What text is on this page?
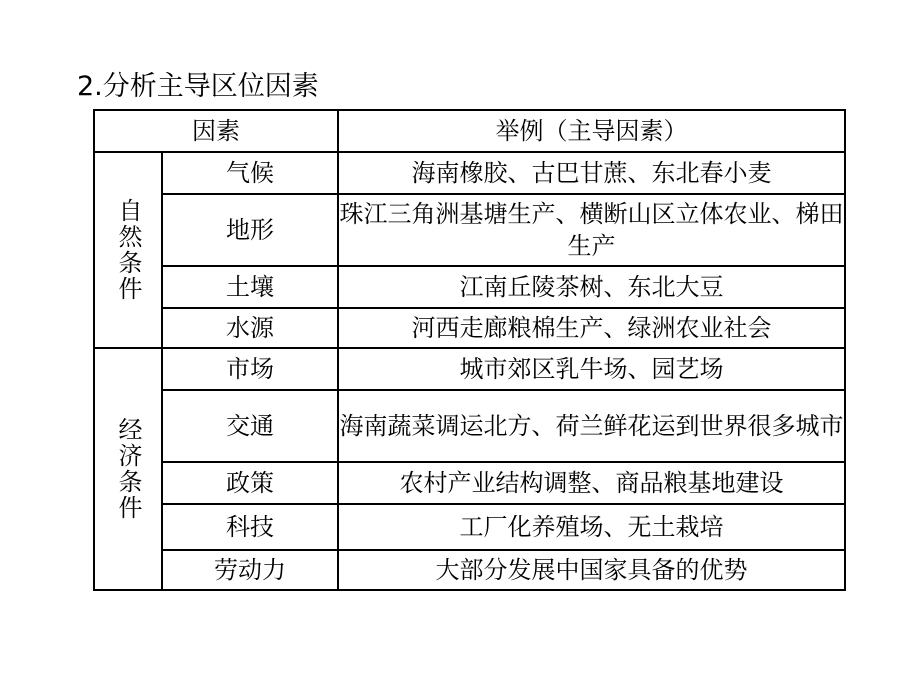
2.分析主导区位因素
因素		举例（主导因素）
自然条件	气候	海南橡胶、古巴甘蔗、东北春小麦
	地形	珠江三角洲基塘生产、横断山区立体农业、梯田生产
	土壤	江南丘陵茶树、东北大豆
	水源	河西走廊粮棉生产、绿洲农业社会
经济条件	市场	城市郊区乳牛场、园艺场
	交通	海南蔬菜调运北方、荷兰鲜花运到世界很多城市
	政策	农村产业结构调整、商品粮基地建设
	科技	工厂化养殖场、无土栽培
	劳动力	大部分发展中国家具备的优势
